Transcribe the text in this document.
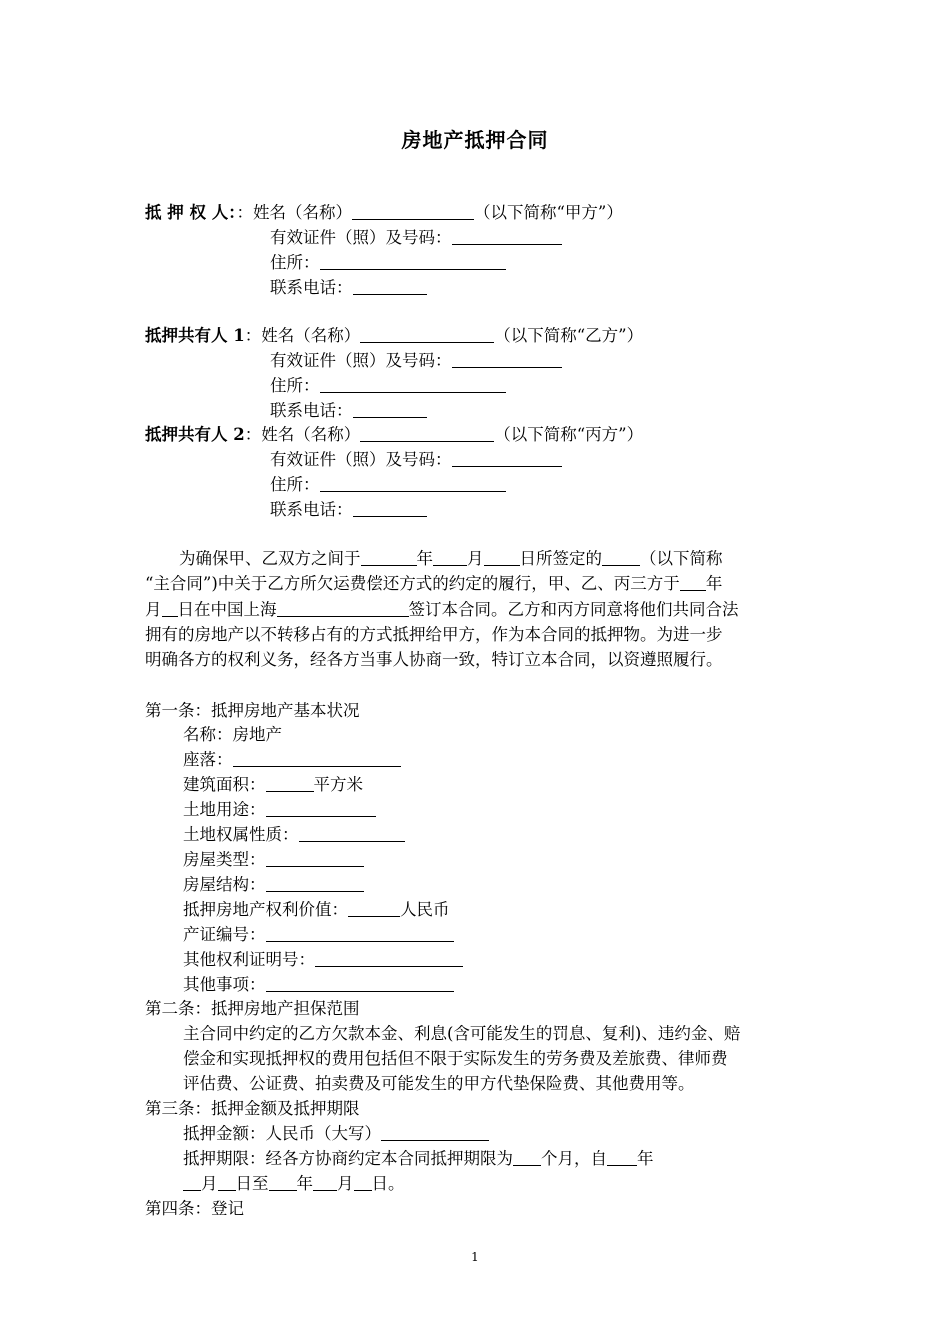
房地产抵押合同
抵 押 权 人：：姓名（名称）	（以下简称“甲方”）
有效证件（照）及号码：
住所：
联系电话：
抵押共有人 1：姓名（名称）	（以下简称“乙方”）
有效证件（照）及号码：
住所：
联系电话：
抵押共有人 2：姓名（名称）	（以下简称“丙方”）
有效证件（照）及号码：
住所：
联系电话：
为确保甲、乙双方之间于	年 月 日所签定的 （以下简称
“主合同”)中关于乙方所欠运费偿还方式的约定的履行，甲、乙、丙三方于 年
月 日在中国上海	签订本合同。乙方和丙方同意将他们共同合法
拥有的房地产以不转移占有的方式抵押给甲方，作为本合同的抵押物。为进一步
明确各方的权利义务，经各方当事人协商一致，特订立本合同，以资遵照履行。
第一条：抵押房地产基本状况
名称：房地产
座落：
建筑面积：	平方米
土地用途：
土地权属性质：
房屋类型：
房屋结构：
抵押房地产权利价值：	人民币
产证编号：
其他权利证明号：
其他事项：
第二条：抵押房地产担保范围
主合同中约定的乙方欠款本金、利息(含可能发生的罚息、复利)、违约金、赔
偿金和实现抵押权的费用包括但不限于实际发生的劳务费及差旅费、律师费
评估费、公证费、拍卖费及可能发生的甲方代垫保险费、其他费用等。
第三条：抵押金额及抵押期限
抵押金额：人民币（大写）
抵押期限：经各方协商约定本合同抵押期限为 个月，自 年
月 日至 年 月 日。
第四条：登记
1
